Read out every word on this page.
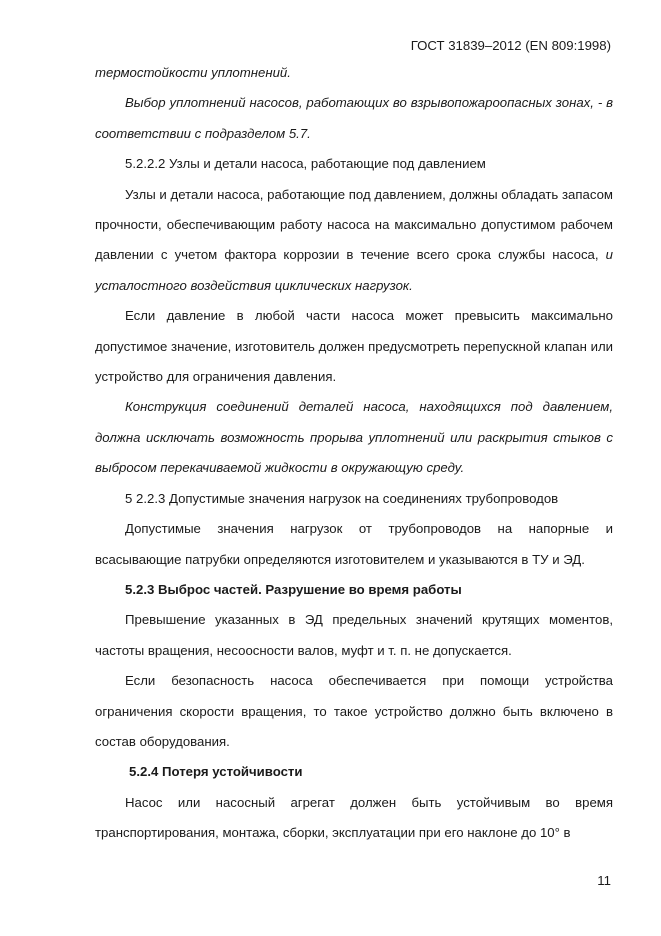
ГОСТ 31839–2012 (EN 809:1998)

термостойкости уплотнений.

Выбор уплотнений насосов, работающих во взрывопожароопасных зонах, - в соответствии с подразделом 5.7.

5.2.2.2 Узлы и детали насоса, работающие под давлением

Узлы и детали насоса, работающие под давлением, должны обладать запасом прочности, обеспечивающим работу насоса на максимально допустимом рабочем давлении с учетом фактора коррозии в течение всего срока службы насоса, и усталостного воздействия циклических нагрузок.

Если давление в любой части насоса может превысить максимально допустимое значение, изготовитель должен предусмотреть перепускной клапан или устройство для ограничения давления.

Конструкция соединений деталей насоса, находящихся под давлением, должна исключать возможность прорыва уплотнений или раскрытия стыков с выбросом перекачиваемой жидкости в окружающую среду.

5 2.2.3 Допустимые значения нагрузок на соединениях трубопроводов

Допустимые значения нагрузок от трубопроводов на напорные и всасывающие патрубки определяются изготовителем и указываются в ТУ и ЭД.

5.2.3 Выброс частей. Разрушение во время работы

Превышение указанных в ЭД предельных значений крутящих моментов, частоты вращения, несоосности валов, муфт и т. п. не допускается.

Если безопасность насоса обеспечивается при помощи устройства ограничения скорости вращения, то такое устройство должно быть включено в состав оборудования.

5.2.4 Потеря устойчивости

Насос или насосный агрегат должен быть устойчивым во время транспортирования, монтажа, сборки, эксплуатации при его наклоне до 10° в

11
